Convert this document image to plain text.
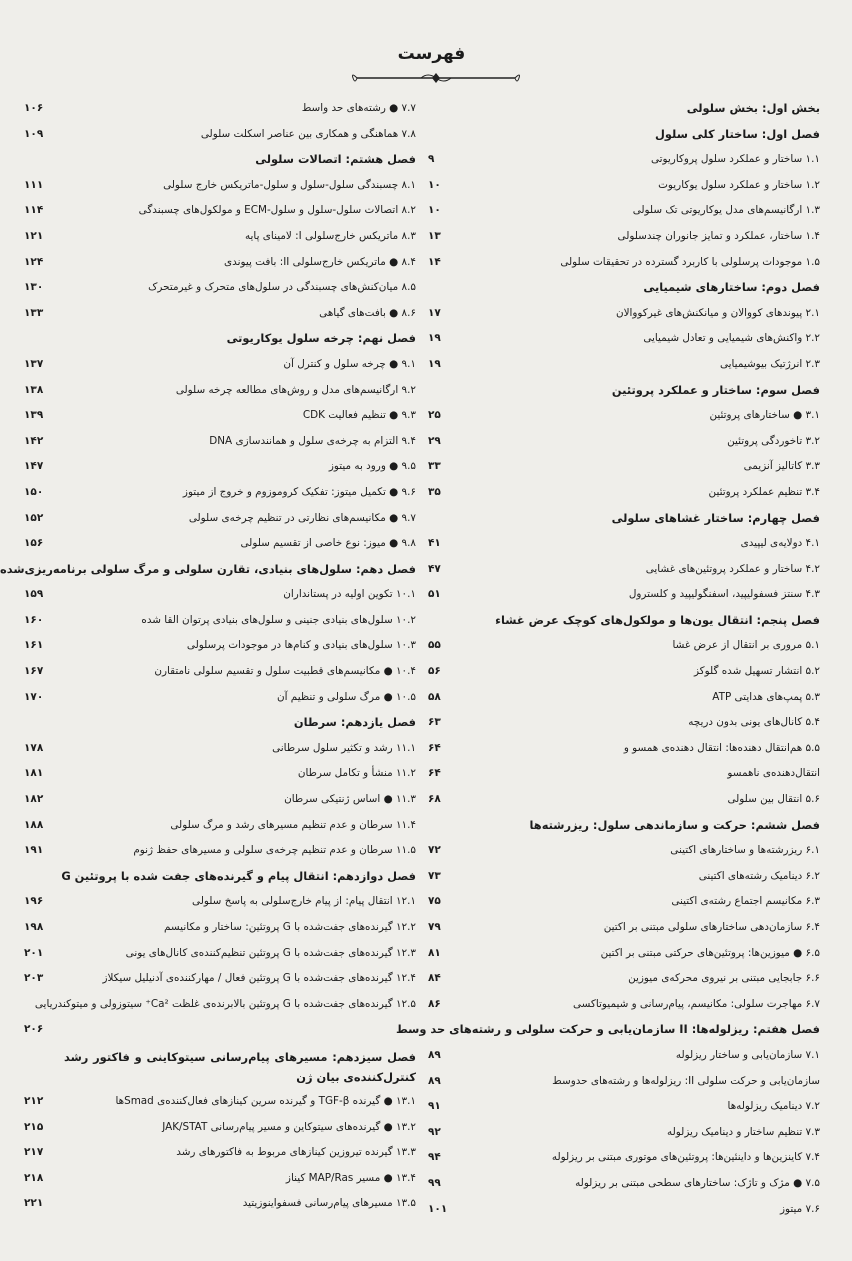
فهرست
بخش اول: بخش سلولی
فصل اول: ساختار کلی سلول
۱.۱ ساختار و عملکرد سلول پروکاریوتی
۹
۱.۲ ساختار و عملکرد سلول یوکاریوت
۱۰
۱.۳ ارگانیسم‌های مدل یوکاریوتی تک سلولی
۱۰
۱.۴ ساختار، عملکرد و تمایز جانوران چندسلولی
۱۳
۱.۵ موجودات پرسلولی با کاربرد گسترده در تحقیقات سلولی
۱۴
فصل دوم: ساختارهای شیمیایی
۲.۱ پیوندهای کووالان و میانکنش‌های غیرکووالان
۱۷
۲.۲ واکنش‌های شیمیایی و تعادل شیمیایی
۱۹
۲.۳ انرژتیک بیوشیمیایی
۱۹
فصل سوم: ساختار و عملکرد پروتئین
۳.۱ ● ساختارهای پروتئین
۲۵
۳.۲ تاخوردگی پروتئین
۲۹
۳.۳ کاتالیز آنزیمی
۳۳
۳.۴ تنظیم عملکرد پروتئین
۳۵
فصل چهارم: ساختار غشاهای سلولی
۴.۱ دولایه‌ی لیپیدی
۴۱
۴.۲ ساختار و عملکرد پروتئین‌های غشایی
۴۷
۴.۳ سنتز فسفولیپید، اسفنگولیپید و کلسترول
۵۱
فصل پنجم: انتقال یون‌ها و مولکول‌های کوچک عرض غشاء
۵.۱ مروری بر انتقال از عرض غشا
۵۵
۵.۲ انتشار تسهیل شده گلوکز
۵۶
۵.۳ پمپ‌های هدایتی ATP
۵۸
۵.۴ کانال‌های یونی بدون دریچه
۶۳
۵.۵ هم‌انتقال دهنده‌ها: انتقال دهنده‌ی همسو و
۶۴
انتقال‌دهنده‌ی ناهمسو
۶۴
۵.۶ انتقال بین سلولی
۶۸
فصل ششم: حرکت و سازماندهی سلول: ریزرشته‌ها
۶.۱ ریزرشته‌ها و ساختارهای اکتینی
۷۲
۶.۲ دینامیک رشته‌های اکتینی
۷۳
۶.۳ مکانیسم اجتماع رشته‌ی اکتینی
۷۵
۶.۴ سازمان‌دهی ساختارهای سلولی مبتنی بر اکتین
۷۹
۶.۵ ● میوزین‌ها: پروتئین‌های حرکتی مبتنی بر اکتین
۸۱
۶.۶ جابجایی مبتنی بر نیروی محرکه‌ی میوزین
۸۴
۶.۷ مهاجرت سلولی: مکانیسم، پیام‌رسانی و شیمیوتاکسی
۸۶
فصل هفتم: ریزلوله‌ها: II سازمان‌یابی و حرکت سلولی و رشته‌های حد وسط
۷.۱ سازمان‌یابی و ساختار ریزلوله
۸۹
سازمان‌یابی و حرکت سلولی II: ریزلوله‌ها و رشته‌های حدوسط
۸۹
۷.۲ دینامیک ریزلوله‌ها
۹۱
۷.۳ تنظیم ساختار و دینامیک ریزلوله
۹۲
۷.۴ کاینزین‌ها و داینئین‌ها: پروتئین‌های موتوری مبتنی بر ریزلوله
۹۴
۷.۵ ● مژک و تاژک: ساختارهای سطحی مبتنی بر ریزلوله
۹۹
۷.۶ میتوز
۱۰۱
۷.۷ ● رشته‌های حد واسط
۱۰۶
۷.۸ هماهنگی و همکاری بین عناصر اسکلت سلولی
۱۰۹
فصل هشتم: اتصالات سلولی
۸.۱ چسبندگی سلول-سلول و سلول-ماتریکس خارج سلولی
۱۱۱
۸.۲ اتصالات سلول-سلول و سلول-ECM و مولکول‌های چسبندگی
۱۱۴
۸.۳ ماتریکس خارج‌سلولی I: لامینای پایه
۱۲۱
۸.۴ ● ماتریکس خارج‌سلولی II: بافت پیوندی
۱۲۴
۸.۵ میان‌کنش‌های چسبندگی در سلول‌های متحرک و غیرمتحرک
۱۳۰
۸.۶ ● بافت‌های گیاهی
۱۳۳
فصل نهم: چرخه سلول یوکاریوتی
۹.۱ ● چرخه سلول و کنترل آن
۱۳۷
۹.۲ ارگانیسم‌های مدل و روش‌های مطالعه چرخه سلولی
۱۳۸
۹.۳ ● تنظیم فعالیت CDK
۱۳۹
۹.۴ التزام به چرخه‌ی سلول و همانندسازی DNA
۱۴۲
۹.۵ ● ورود به میتوز
۱۴۷
۹.۶ ● تکمیل میتوز: تفکیک کروموزوم و خروج از میتوز
۱۵۰
۹.۷ ● مکانیسم‌های نظارتی در تنظیم چرخه‌ی سلولی
۱۵۲
۹.۸ ● میوز: نوع خاصی از تقسیم سلولی
۱۵۶
فصل دهم: سلول‌های بنیادی، تقارن سلولی و مرگ سلولی برنامه‌ریزی‌شده
۱۰.۱ تکوین اولیه در پستانداران
۱۵۹
۱۰.۲ سلول‌های بنیادی جنینی و سلول‌های بنیادی پرتوان القا شده
۱۶۰
۱۰.۳ سلول‌های بنیادی و کنام‌ها در موجودات پرسلولی
۱۶۱
۱۰.۴ ● مکانیسم‌های قطبیت سلول و تقسیم سلولی نامتقارن
۱۶۷
۱۰.۵ ● مرگ سلولی و تنظیم آن
۱۷۰
فصل یازدهم: سرطان
۱۱.۱ رشد و تکثیر سلول سرطانی
۱۷۸
۱۱.۲ منشأ و تکامل سرطان
۱۸۱
۱۱.۳ ● اساس ژنتیکی سرطان
۱۸۲
۱۱.۴ سرطان و عدم تنظیم مسیرهای رشد و مرگ سلولی
۱۸۸
۱۱.۵ سرطان و عدم تنظیم چرخه‌ی سلولی و مسیرهای حفظ ژنوم
۱۹۱
فصل دوازدهم: انتقال پیام و گیرنده‌های جفت شده با پروتئین G
۱۲.۱ انتقال پیام: از پیام خارج‌سلولی به پاسخ سلولی
۱۹۶
۱۲.۲ گیرنده‌های جفت‌شده با G پروتئین: ساختار و مکانیسم
۱۹۸
۱۲.۳ گیرنده‌های جفت‌شده با G پروتئین تنظیم‌کننده‌ی کانال‌های یونی
۲۰۱
۱۲.۴ گیرنده‌های جفت‌شده با G پروتئین فعال / مهارکننده‌ی آدنیلیل سیکلاز
۲۰۳
۱۲.۵ گیرنده‌های جفت‌شده با G پروتئین بالابرنده‌ی غلظت Ca²⁺ سیتوزولی و میتوکندریایی
۲۰۶
فصل سیزدهم: مسیرهای پیام‌رسانی سیتوکاینی و فاکتور رشد کنترل‌کننده‌ی بیان ژن
۱۳.۱ ● گیرنده TGF-β و گیرنده سرین کینازهای فعال‌کننده‌ی Smadها
۲۱۲
۱۳.۲ ● گیرنده‌های سیتوکاین و مسیر پیام‌رسانی JAK/STAT
۲۱۵
۱۳.۳ گیرنده تیروزین کینازهای مربوط به فاکتورهای رشد
۲۱۷
۱۳.۴ ● مسیر MAP/Ras کیناز
۲۱۸
۱۳.۵ مسیرهای پیام‌رسانی فسفواینوزیتید
۲۲۱
